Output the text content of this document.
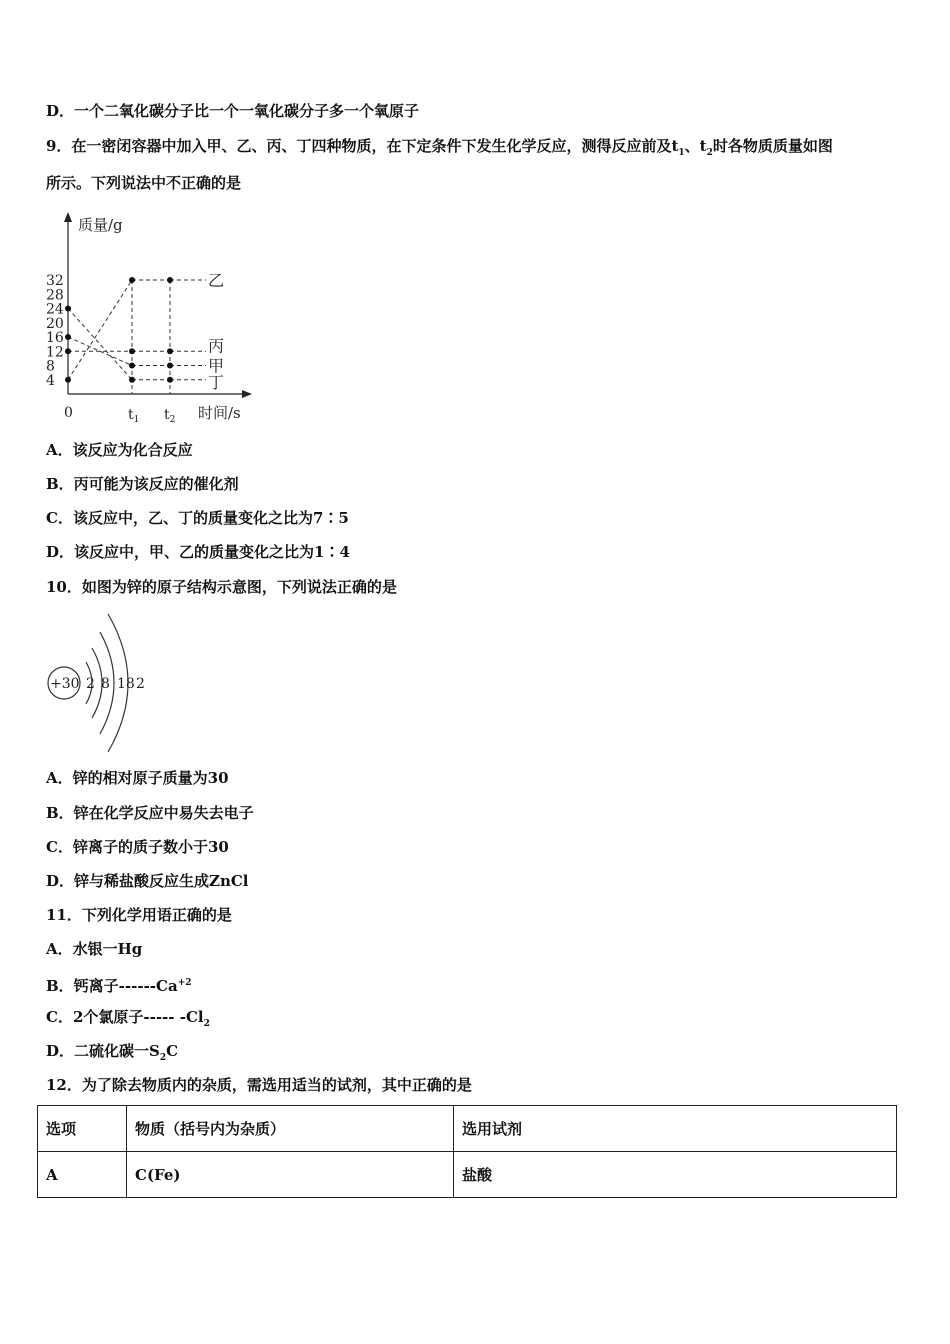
D．一个二氧化碳分子比一个一氧化碳分子多一个氧原子
9．在一密闭容器中加入甲、乙、丙、丁四种物质，在下定条件下发生化学反应，测得反应前及$t_1$、$t_2$时各物质质量如图
所示。下列说法中不正确的是
质量/g
时间/s
0	$t_1$ $t_2$
4
8
12
16
20
24
28
32	乙
丙
甲
丁
A．该反应为化合反应
B．丙可能为该反应的催化剂
C．该反应中，乙、丁的质量变化之比为7∶5
D．该反应中，甲、乙的质量变化之比为1∶4
10．如图为锌的原子结构示意图，下列说法正确的是
+30 2 8 18 2
A．锌的相对原子质量为30
B．锌在化学反应中易失去电子
C．锌离子的质子数小于30
D．锌与稀盐酸反应生成ZnCl
11．下列化学用语正确的是
A．水银一Hg
B．钙离子$------Ca^{+2}$
C．2个氯原子----- $-Cl_2$
D．二硫化碳一$S_2C$
12．为了除去物质内的杂质，需选用适当的试剂，其中正确的是
选项	物质（括号内为杂质）	选用试剂
A	C(Fe)	盐酸
